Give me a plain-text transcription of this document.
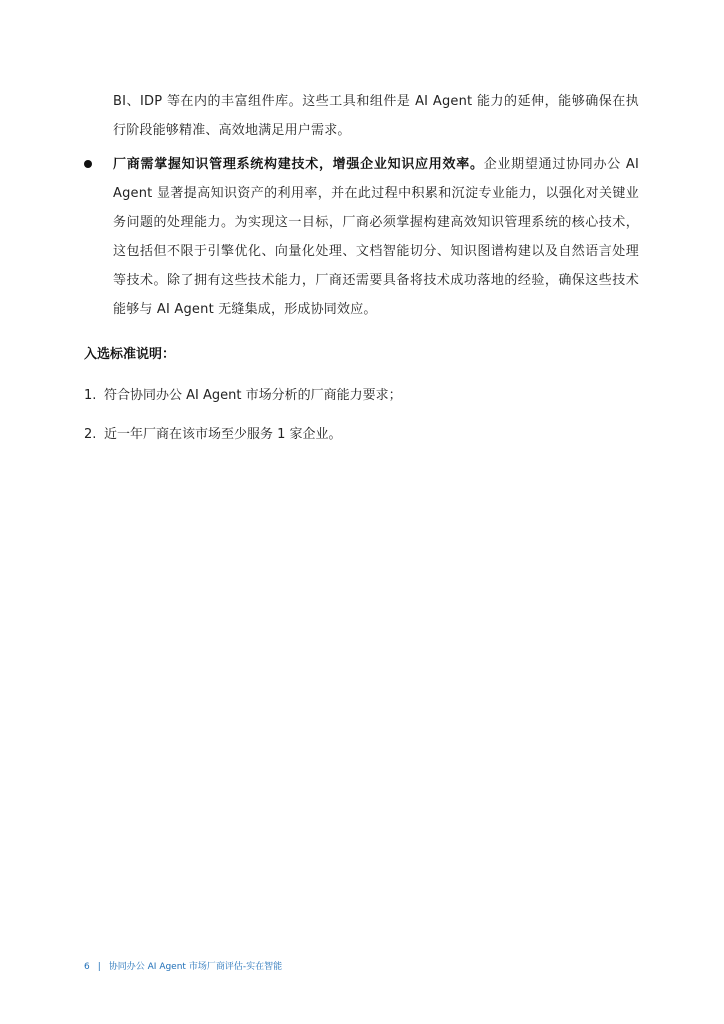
BI、IDP 等在内的丰富组件库。这些工具和组件是 AI Agent 能力的延伸，能够确保在执行阶段能够精准、高效地满足用户需求。

厂商需掌握知识管理系统构建技术，增强企业知识应用效率。企业期望通过协同办公 AI Agent 显著提高知识资产的利用率，并在此过程中积累和沉淀专业能力，以强化对关键业务问题的处理能力。为实现这一目标，厂商必须掌握构建高效知识管理系统的核心技术，这包括但不限于引擎优化、向量化处理、文档智能切分、知识图谱构建以及自然语言处理等技术。除了拥有这些技术能力，厂商还需要具备将技术成功落地的经验，确保这些技术能够与 AI Agent 无缝集成，形成协同效应。

入选标准说明：

1. 符合协同办公 AI Agent 市场分析的厂商能力要求；

2. 近一年厂商在该市场至少服务 1 家企业。

6 | 协同办公 AI Agent 市场厂商评估-实在智能
